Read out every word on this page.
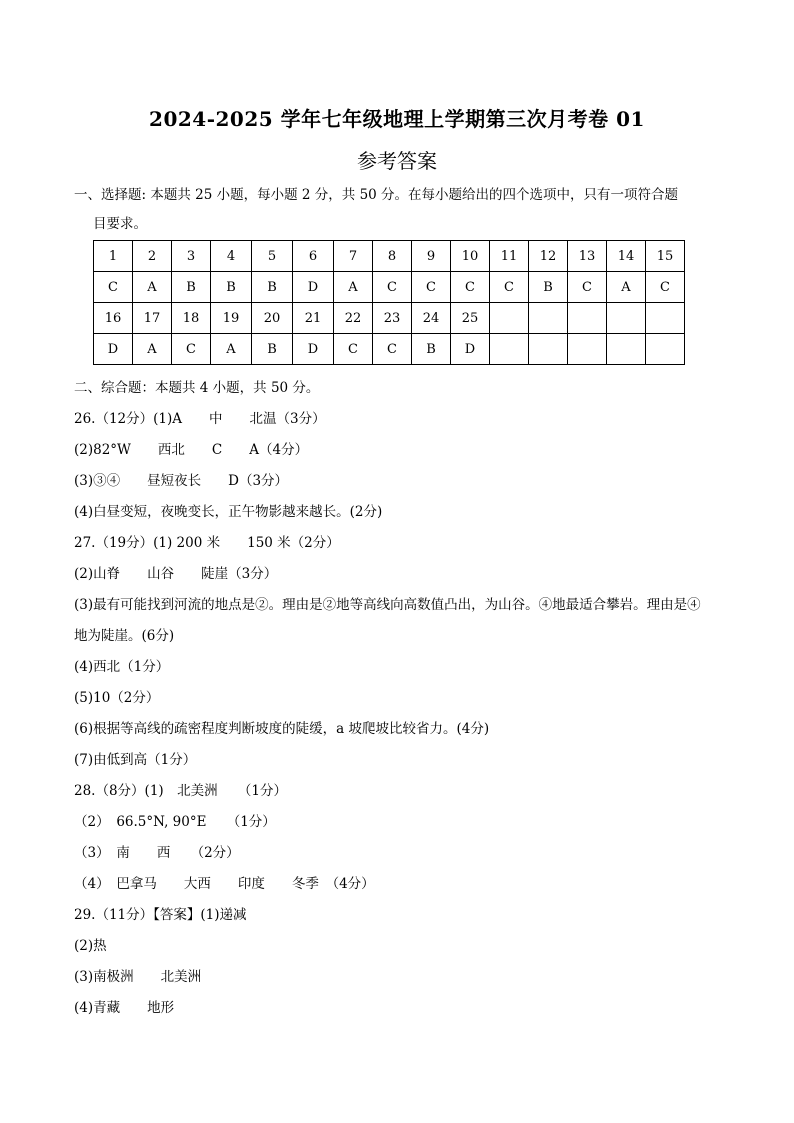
2024-2025 学年七年级地理上学期第三次月考卷 01
参考答案
一、选择题: 本题共 25 小题，每小题 2 分，共 50 分。在每小题给出的四个选项中，只有一项符合题
目要求。
1	2	3	4	5	6	7	8	9	10	11	12	13	14	15
C	A	B	B	B	D	A	C	C	C	C	B	C	A	C
16	17	18	19	20	21	22	23	24	25					
D	A	C	A	B	D	C	C	B	D					
二、综合题：本题共 4 小题，共 50 分。
26.（12分）(1)A　　中　　北温（3分）
(2)82°W　　西北　　C　　A（4分）
(3)③④　　昼短夜长　　D（3分）
(4)白昼变短，夜晚变长，正午物影越来越长。(2分)
27.（19分）(1) 200 米　　150 米（2分）
(2)山脊　　山谷　　陡崖（3分）
(3)最有可能找到河流的地点是②。理由是②地等高线向高数值凸出，为山谷。④地最适合攀岩。理由是④
地为陡崖。(6分)
(4)西北（1分）
(5)10（2分）
(6)根据等高线的疏密程度判断坡度的陡缓，a 坡爬坡比较省力。(4分)
(7)由低到高（1分）
28.（8分）(1)　北美洲　　（1分）
（2）　66.5°N, 90°E　　（1分）
（3）　南　　西　　（2分）
（4）　巴拿马　　大西　　印度　　冬季　（4分）
29.（11分）【答案】(1)递减
(2)热
(3)南极洲　　北美洲
(4)青藏　　地形
